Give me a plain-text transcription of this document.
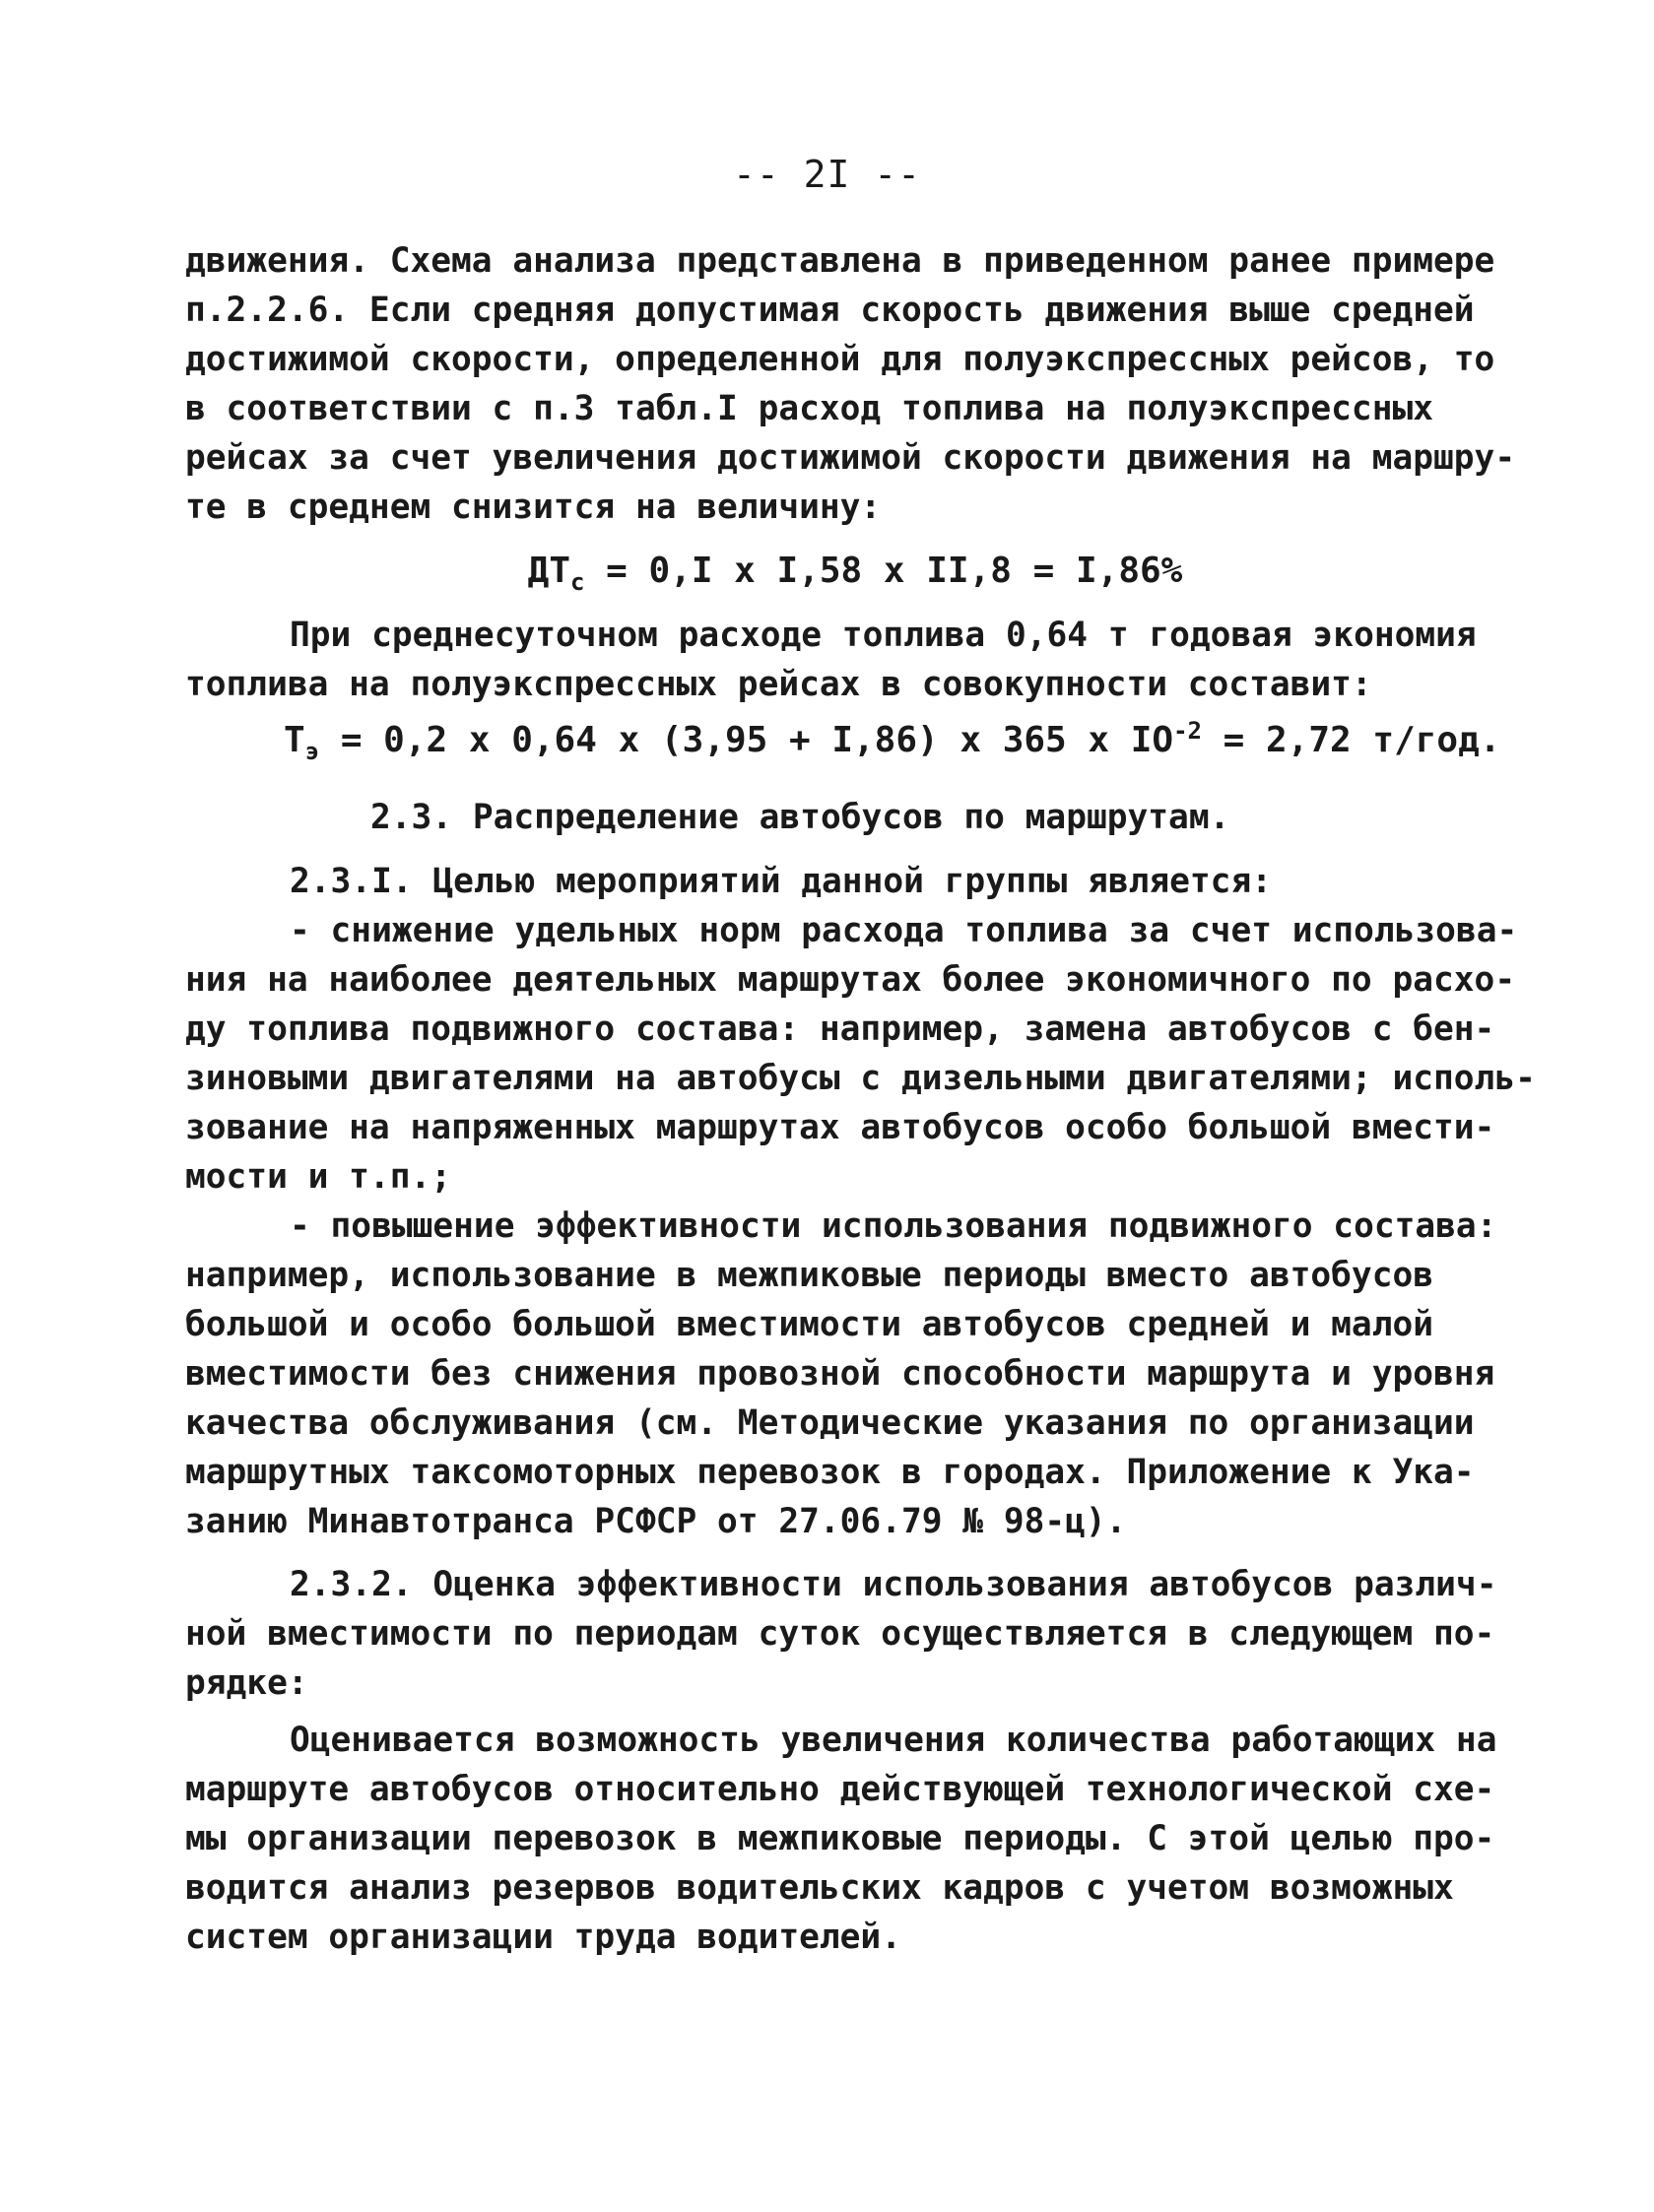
-- 2I --
движения. Схема анализа представлена в приведенном ранее примере
п.2.2.6. Если средняя допустимая скорость движения выше средней
достижимой скорости, определенной для полуэкспрессных рейсов, то
в соответствии с п.3 табл.I расход топлива на полуэкспрессных
рейсах за счет увеличения достижимой скорости движения на маршру-
те в среднем снизится на величину:
$ДТ_с = 0,I$ x I,58 x II,8 = I,86%
При среднесуточном расходе топлива 0,64 т годовая экономия
топлива на полуэкспрессных рейсах в совокупности составит:
$Т_э = 0,2$ x 0,64 x (3,95 + I,86) x 365 x $IO^{-2} = 2,72$ т/год.
2.3. Распределение автобусов по маршрутам.
2.3.I. Целью мероприятий данной группы является:
- снижение удельных норм расхода топлива за счет использова-
ния на наиболее деятельных маршрутах более экономичного по расхо-
ду топлива подвижного состава: например, замена автобусов с бен-
зиновыми двигателями на автобусы с дизельными двигателями; исполь-
зование на напряженных маршрутах автобусов особо большой вмести-
мости и т.п.;
- повышение эффективности использования подвижного состава:
например, использование в межпиковые периоды вместо автобусов
большой и особо большой вместимости автобусов средней и малой
вместимости без снижения провозной способности маршрута и уровня
качества обслуживания (см. Методические указания по организации
маршрутных таксомоторных перевозок в городах. Приложение к Ука-
занию Минавтотранса РСФСР от 27.06.79 № 98-ц).
2.3.2. Оценка эффективности использования автобусов различ-
ной вместимости по периодам суток осуществляется в следующем по-
рядке:
Оценивается возможность увеличения количества работающих на
маршруте автобусов относительно действующей технологической схе-
мы организации перевозок в межпиковые периоды. С этой целью про-
водится анализ резервов водительских кадров с учетом возможных
систем организации труда водителей.
